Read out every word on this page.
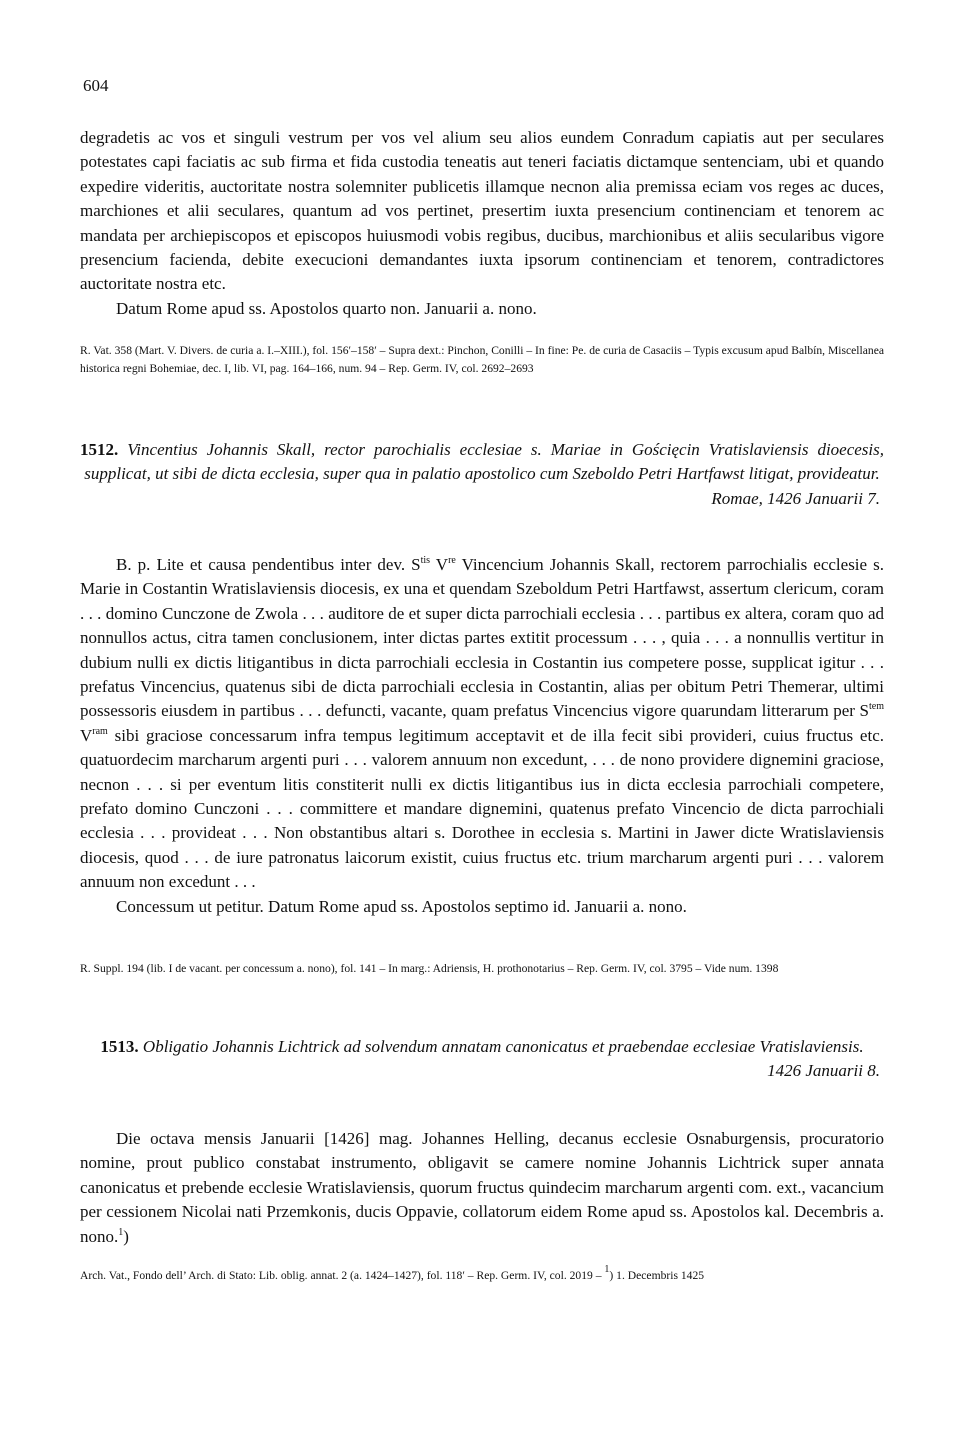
604

degradetis ac vos et singuli vestrum per vos vel alium seu alios eundem Conradum capiatis aut per seculares potestates capi faciatis ac sub firma et fida custodia teneatis aut teneri faciatis dictamque sentenciam, ubi et quando expedire videritis, auctoritate nostra solemniter publicetis illamque necnon alia premissa eciam vos reges ac duces, marchiones et alii seculares, quantum ad vos pertinet, presertim iuxta presencium continenciam et tenorem ac mandata per archiepiscopos et episcopos huiusmodi vobis regibus, ducibus, marchionibus et aliis secularibus vigore presencium facienda, debite execucioni demandantes iuxta ipsorum continenciam et tenorem, contradictores auctoritate nostra etc.

Datum Rome apud ss. Apostolos quarto non. Januarii a. nono.

R. Vat. 358 (Mart. V. Divers. de curia a. I.–XIII.), fol. 156′–158′ – Supra dext.: Pinchon, Conilli – In fine: Pe. de curia de Casaciis – Typis excusum apud Balbín, Miscellanea historica regni Bohemiae, dec. I, lib. VI, pag. 164–166, num. 94 – Rep. Germ. IV, col. 2692–2693

1512. Vincentius Johannis Skall, rector parochialis ecclesiae s. Mariae in Gościęcin Vratislaviensis dioecesis, supplicat, ut sibi de dicta ecclesia, super qua in palatio apostolico cum Szeboldo Petri Hartfawst litigat, provideatur.

Romae, 1426 Januarii 7.

B. p. Lite et causa pendentibus inter dev. $S^{tis}$ Vre Vincencium Johannis Skall, rectorem parrochialis ecclesie s. Marie in Costantin Wratislaviensis diocesis, ex una et quendam Szeboldum Petri Hartfawst, assertum clericum, coram . . . domino Cunczone de Zwola . . . auditore de et super dicta parrochiali ecclesia . . . partibus ex altera, coram quo ad nonnullos actus, citra tamen conclusionem, inter dictas partes extitit processum . . . , quia . . . a nonnullis vertitur in dubium nulli ex dictis litigantibus in dicta parrochiali ecclesia in Costantin ius competere posse, supplicat igitur . . . prefatus Vincencius, quatenus sibi de dicta parrochiali ecclesia in Costantin, alias per obitum Petri Themerar, ultimi possessoris eiusdem in partibus . . . defuncti, vacante, quam prefatus Vincencius vigore quarundam litterarum per $S^{tem}$ $V^{ram}$ sibi graciose concessarum infra tempus legitimum acceptavit et de illa fecit sibi provideri, cuius fructus etc. quatuordecim marcharum argenti puri . . . valorem annuum non excedunt, . . . de nono providere dignemini graciose, necnon . . . si per eventum litis constiterit nulli ex dictis litigantibus ius in dicta ecclesia parrochiali competere, prefato domino Cunczoni . . . committere et mandare dignemini, quatenus prefato Vincencio de dicta parrochiali ecclesia . . . provideat . . . Non obstantibus altari s. Dorothee in ecclesia s. Martini in Jawer dicte Wratislaviensis diocesis, quod . . . de iure patronatus laicorum existit, cuius fructus etc. trium marcharum argenti puri . . . valorem annuum non excedunt . . .

Concessum ut petitur. Datum Rome apud ss. Apostolos septimo id. Januarii a. nono.

R. Suppl. 194 (lib. I de vacant. per concessum a. nono), fol. 141 – In marg.: Adriensis, H. prothonotarius – Rep. Germ. IV, col. 3795 – Vide num. 1398

1513. Obligatio Johannis Lichtrick ad solvendum annatam canonicatus et praebendae ecclesiae Vratislaviensis.

1426 Januarii 8.

Die octava mensis Januarii [1426] mag. Johannes Helling, decanus ecclesie Osnaburgensis, procuratorio nomine, prout publico constabat instrumento, obligavit se camere nomine Johannis Lichtrick super annata canonicatus et prebende ecclesie Wratislaviensis, quorum fructus quindecim marcharum argenti com. ext., vacancium per cessionem Nicolai nati Przemkonis, ducis Oppavie, collatorum eidem Rome apud ss. Apostolos kal. Decembris a. nono.$^1$)

Arch. Vat., Fondo dell’ Arch. di Stato: Lib. oblig. annat. 2 (a. 1424–1427), fol. 118′ – Rep. Germ. IV, col. 2019 – $^1$) 1. Decembris 1425
